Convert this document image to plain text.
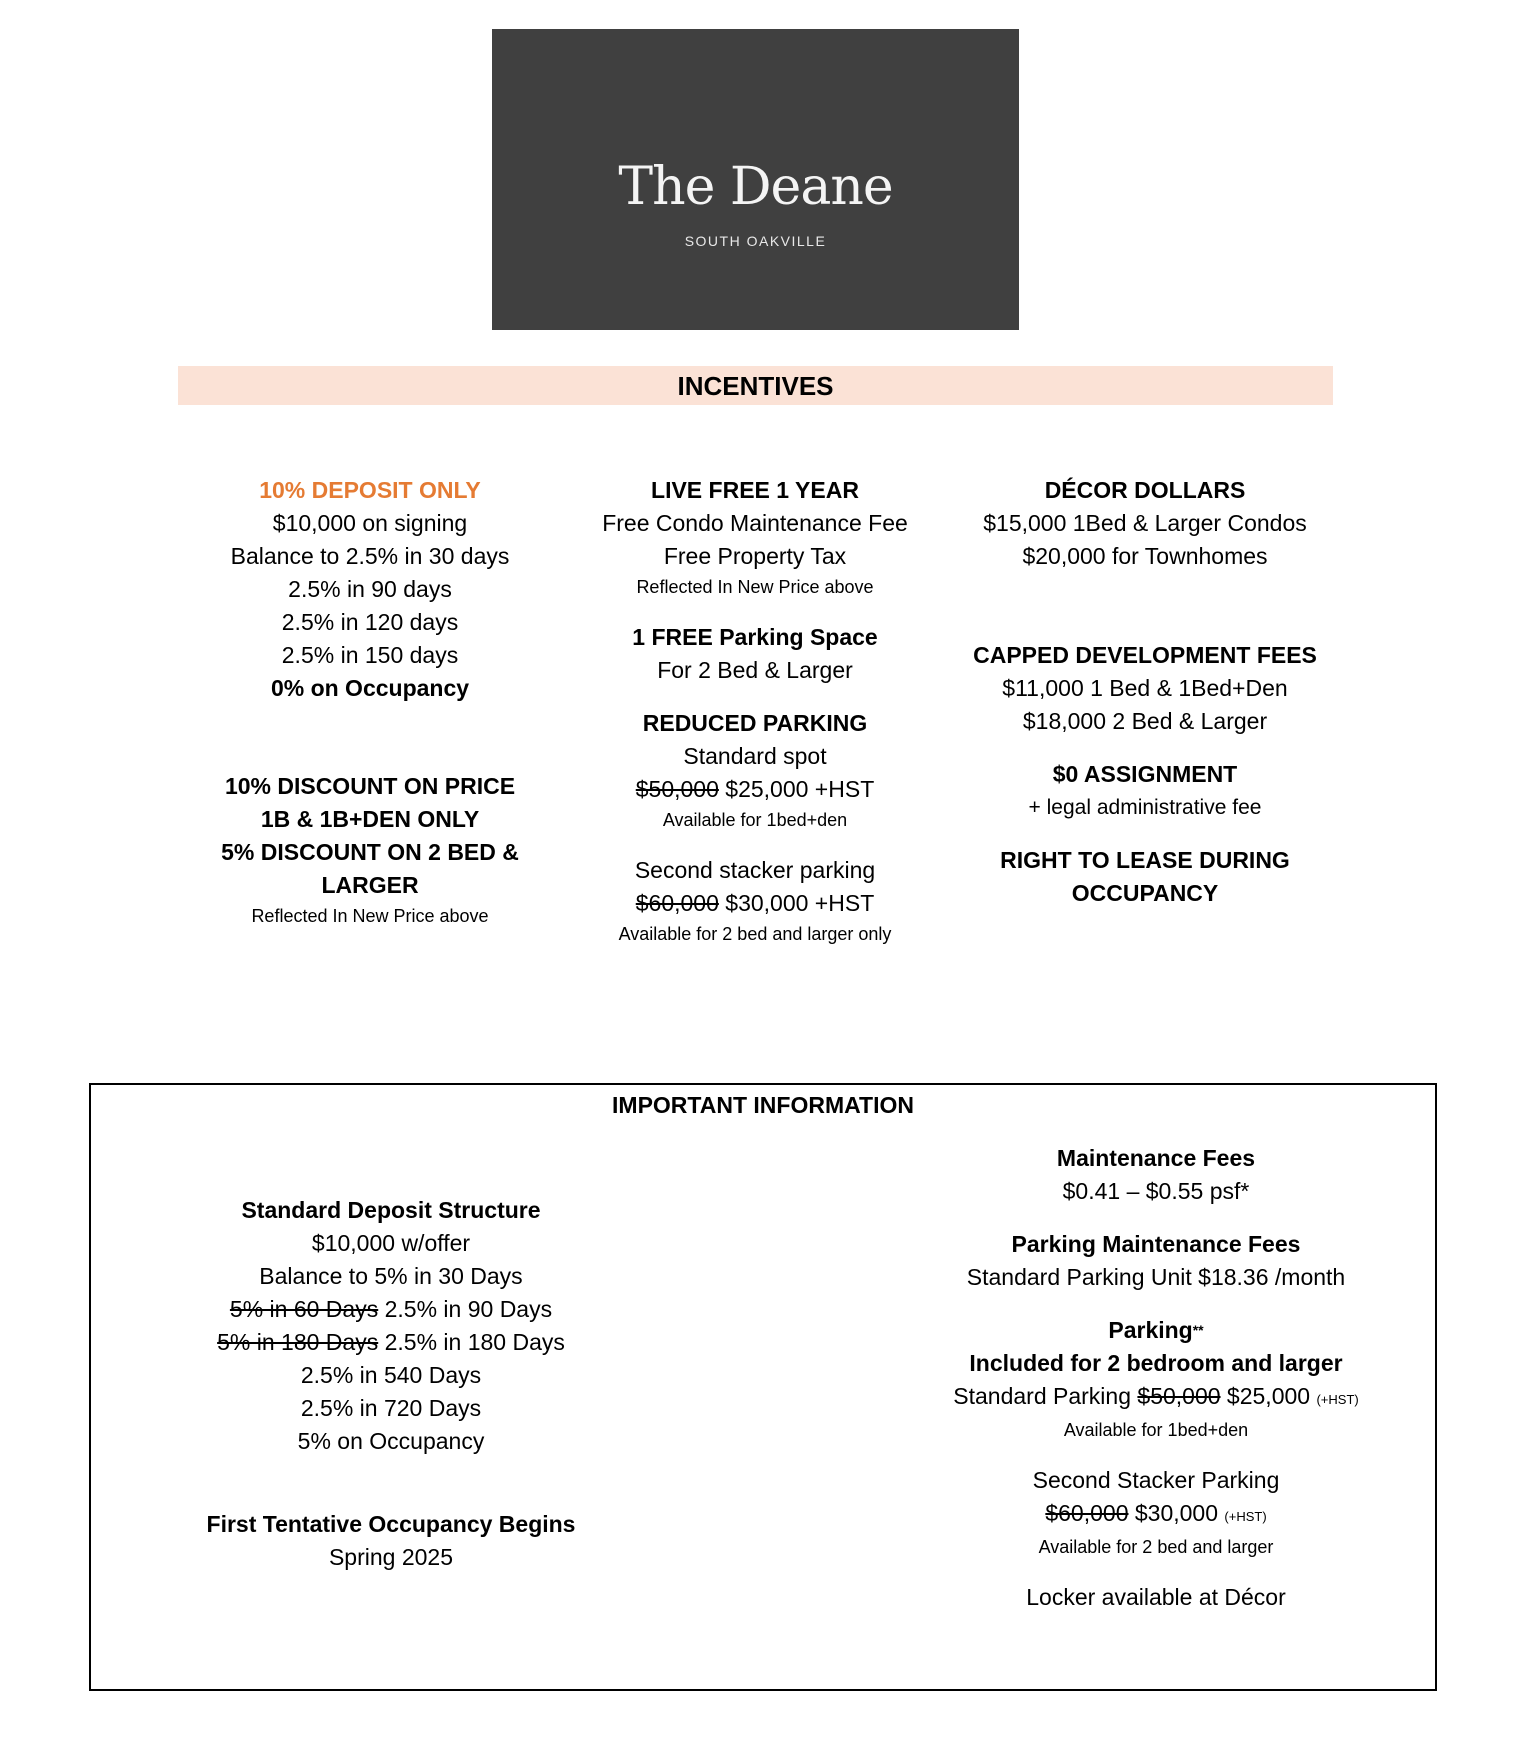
The Deane
SOUTH OAKVILLE
INCENTIVES
10% DEPOSIT ONLY
$10,000 on signing
Balance to 2.5% in 30 days
2.5% in 90 days
2.5% in 120 days
2.5% in 150 days
0% on Occupancy
10% DISCOUNT ON PRICE
1B & 1B+DEN ONLY
5% DISCOUNT ON 2 BED &
LARGER
Reflected In New Price above
LIVE FREE 1 YEAR
Free Condo Maintenance Fee
Free Property Tax
Reflected In New Price above
1 FREE Parking Space
For 2 Bed & Larger
REDUCED PARKING
Standard spot
$50,000 $25,000 +HST
Available for 1bed+den
Second stacker parking
$60,000 $30,000 +HST
Available for 2 bed and larger only
DÉCOR DOLLARS
$15,000 1Bed & Larger Condos
$20,000 for Townhomes
CAPPED DEVELOPMENT FEES
$11,000 1 Bed & 1Bed+Den
$18,000 2 Bed & Larger
$0 ASSIGNMENT
+ legal administrative fee
RIGHT TO LEASE DURING
OCCUPANCY
IMPORTANT INFORMATION
Standard Deposit Structure
$10,000 w/offer
Balance to 5% in 30 Days
5% in 60 Days 2.5% in 90 Days
5% in 180 Days 2.5% in 180 Days
2.5% in 540 Days
2.5% in 720 Days
5% on Occupancy
First Tentative Occupancy Begins
Spring 2025
Maintenance Fees
$0.41 – $0.55 psf*
Parking Maintenance Fees
Standard Parking Unit $18.36 /month
Parking**
Included for 2 bedroom and larger
Standard Parking $50,000 $25,000 (+HST)
Available for 1bed+den
Second Stacker Parking
$60,000 $30,000 (+HST)
Available for 2 bed and larger
Locker available at Décor
